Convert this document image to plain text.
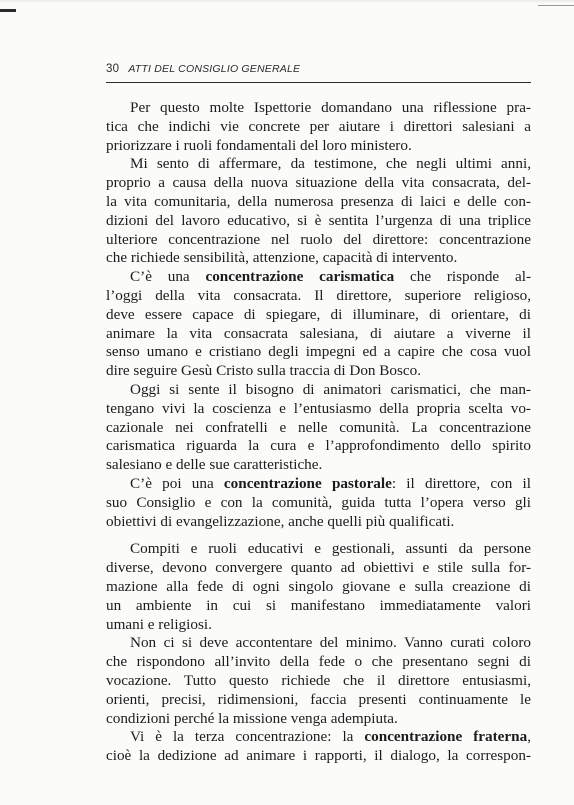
30 ATTI DEL CONSIGLIO GENERALE
Per questo molte Ispettorie domandano una riflessione pra-
tica che indichi vie concrete per aiutare i direttori salesiani a
priorizzare i ruoli fondamentali del loro ministero.
Mi sento di affermare, da testimone, che negli ultimi anni,
proprio a causa della nuova situazione della vita consacrata, del-
la vita comunitaria, della numerosa presenza di laici e delle con-
dizioni del lavoro educativo, si è sentita l’urgenza di una triplice
ulteriore concentrazione nel ruolo del direttore: concentrazione
che richiede sensibilità, attenzione, capacità di intervento.
C’è una concentrazione carismatica che risponde al-
l’oggi della vita consacrata. Il direttore, superiore religioso,
deve essere capace di spiegare, di illuminare, di orientare, di
animare la vita consacrata salesiana, di aiutare a viverne il
senso umano e cristiano degli impegni ed a capire che cosa vuol
dire seguire Gesù Cristo sulla traccia di Don Bosco.
Oggi si sente il bisogno di animatori carismatici, che man-
tengano vivi la coscienza e l’entusiasmo della propria scelta vo-
cazionale nei confratelli e nelle comunità. La concentrazione
carismatica riguarda la cura e l’approfondimento dello spirito
salesiano e delle sue caratteristiche.
C’è poi una concentrazione pastorale: il direttore, con il
suo Consiglio e con la comunità, guida tutta l’opera verso gli
obiettivi di evangelizzazione, anche quelli più qualificati.
Compiti e ruoli educativi e gestionali, assunti da persone
diverse, devono convergere quanto ad obiettivi e stile sulla for-
mazione alla fede di ogni singolo giovane e sulla creazione di
un ambiente in cui si manifestano immediatamente valori
umani e religiosi.
Non ci si deve accontentare del minimo. Vanno curati coloro
che rispondono all’invito della fede o che presentano segni di
vocazione. Tutto questo richiede che il direttore entusiasmi,
orienti, precisi, ridimensioni, faccia presenti continuamente le
condizioni perché la missione venga adempiuta.
Vi è la terza concentrazione: la concentrazione fraterna,
cioè la dedizione ad animare i rapporti, il dialogo, la correspon-
